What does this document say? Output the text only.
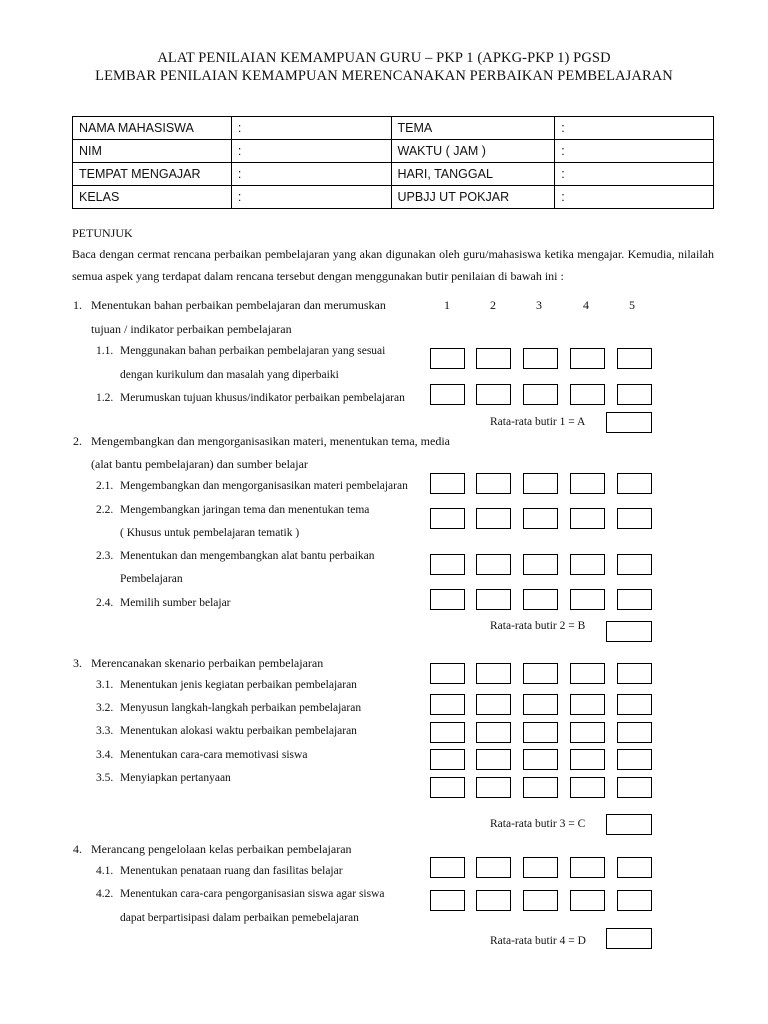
ALAT PENILAIAN KEMAMPUAN GURU – PKP 1 (APKG-PKP 1) PGSD
LEMBAR PENILAIAN KEMAMPUAN MERENCANAKAN PERBAIKAN PEMBELAJARAN
NAMA MAHASISWA	:	TEMA	:
NIM	:	WAKTU ( JAM )	:
TEMPAT MENGAJAR	:	HARI, TANGGAL	:
KELAS	:	UPBJJ UT POKJAR	:
PETUNJUK
Baca dengan cermat rencana perbaikan pembelajaran yang akan digunakan oleh guru/mahasiswa ketika mengajar. Kemudia, nilailah semua aspek yang terdapat dalam rencana tersebut dengan menggunakan butir penilaian di bawah ini :
1	2	3	4	5
1. Menentukan bahan perbaikan pembelajaran dan merumuskan
tujuan / indikator perbaikan pembelajaran
1.1. Menggunakan bahan perbaikan pembelajaran yang sesuai
dengan kurikulum dan masalah yang diperbaiki
1.2. Merumuskan tujuan khusus/indikator perbaikan pembelajaran
Rata-rata butir 1 = A
2. Mengembangkan dan mengorganisasikan materi, menentukan tema, media
(alat bantu pembelajaran) dan sumber belajar
2.1. Mengembangkan dan mengorganisasikan materi pembelajaran
2.2. Mengembangkan jaringan tema dan menentukan tema
( Khusus untuk pembelajaran tematik )
2.3. Menentukan dan mengembangkan alat bantu perbaikan
Pembelajaran
2.4. Memilih sumber belajar
Rata-rata butir 2 = B
3. Merencanakan skenario perbaikan pembelajaran
3.1. Menentukan jenis kegiatan perbaikan pembelajaran
3.2. Menyusun langkah-langkah perbaikan pembelajaran
3.3. Menentukan alokasi waktu perbaikan pembelajaran
3.4. Menentukan cara-cara memotivasi siswa
3.5. Menyiapkan pertanyaan
Rata-rata butir 3 = C
4. Merancang pengelolaan kelas perbaikan pembelajaran
4.1. Menentukan penataan ruang dan fasilitas belajar
4.2. Menentukan cara-cara pengorganisasian siswa agar siswa
dapat berpartisipasi dalam perbaikan pemebelajaran
Rata-rata butir 4 = D
